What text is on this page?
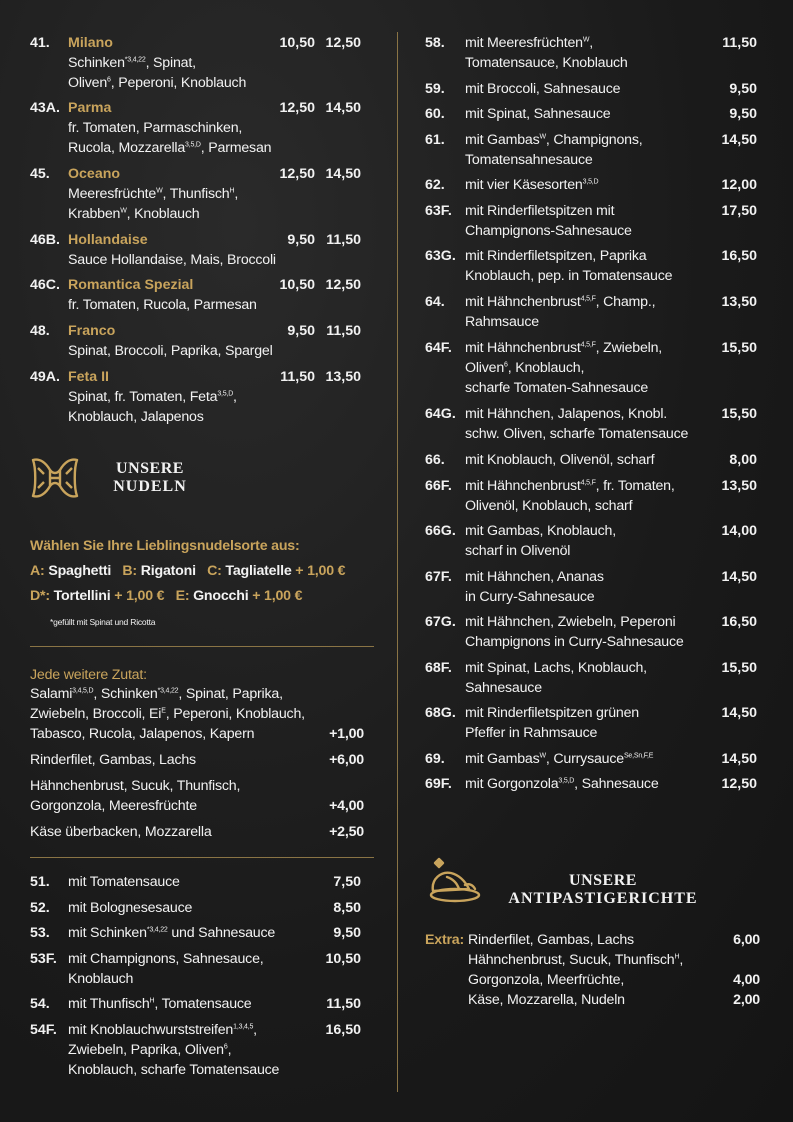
41. Milano
Schinken$^{*3,4,22}$, Spinat,
Oliven$^6$, Peperoni, Knoblauch
10,50 12,50
43A. Parma
fr. Tomaten, Parmaschinken,
Rucola, Mozzarella$^{3,5,D}$, Parmesan
12,50 14,50
45. Oceano
Meeresfrüchte$^W$, Thunfisch$^H$,
Krabben$^W$, Knoblauch
12,50 14,50
46B. Hollandaise
Sauce Hollandaise, Mais, Broccoli
9,50 11,50
46C. Romantica Spezial
fr. Tomaten, Rucola, Parmesan
10,50 12,50
48. Franco
Spinat, Broccoli, Paprika, Spargel
9,50 11,50
49A. Feta II
Spinat, fr. Tomaten, Feta$^{3,5,D}$,
Knoblauch, Jalapenos
11,50 13,50
UNSERE
NUDELN
Wählen Sie Ihre Lieblingsnudelsorte aus:
A: Spaghetti B: Rigatoni C: Tagliatelle + 1,00 €
D*: Tortellini + 1,00 € E: Gnocchi + 1,00 €
*gefüllt mit Spinat und Ricotta
Jede weitere Zutat:
Salami$^{3,4,5,D}$, Schinken$^{*3,4,22}$, Spinat, Paprika,
Zwiebeln, Broccoli, $Ei^E$, Peperoni, Knoblauch,
Tabasco, Rucola, Jalapenos, Kapern	+1,00
Rinderfilet, Gambas, Lachs	+6,00
Hähnchenbrust, Sucuk, Thunfisch,
Gorgonzola, Meeresfrüchte	+4,00
Käse überbacken, Mozzarella	+2,50
51. mit Tomatensauce	7,50
52. mit Bolognesesauce	8,50
53. mit Schinken$^{*3,4,22}$ und Sahnesauce	9,50
53F. mit Champignons, Sahnesauce,
Knoblauch
10,50
54. mit Thunfisch$^H$, Tomatensauce	11,50
54F. mit Knoblauchwurststreifen$^{1,3,4,5}$,
Zwiebeln, Paprika, Oliven$^6$,
Knoblauch, scharfe Tomatensauce
16,50
58. mit Meeresfrüchten$^W$,
Tomatensauce, Knoblauch
11,50
59. mit Broccoli, Sahnesauce	9,50
60. mit Spinat, Sahnesauce	9,50
61. mit Gambas$^W$, Champignons,
Tomatensahnesauce
14,50
62. mit vier Käsesorten$^{3,5,D}$	12,00
63F. mit Rinderfiletspitzen mit
Champignons-Sahnesauce
17,50
63G. mit Rinderfiletspitzen, Paprika
Knoblauch, pep. in Tomatensauce
16,50
64. mit Hähnchenbrust$^{4,5,F}$, Champ.,
Rahmsauce
13,50
64F. mit Hähnchenbrust$^{4,5,F}$, Zwiebeln,
Oliven$^6$, Knoblauch,
scharfe Tomaten-Sahnesauce
15,50
64G. mit Hähnchen, Jalapenos, Knobl.
schw. Oliven, scharfe Tomatensauce
15,50
66. mit Knoblauch, Olivenöl, scharf	8,00
66F. mit Hähnchenbrust$^{4,5,F}$, fr. Tomaten,
Olivenöl, Knoblauch, scharf
13,50
66G. mit Gambas, Knoblauch,
scharf in Olivenöl
14,00
67F. mit Hähnchen, Ananas
in Curry-Sahnesauce
14,50
67G. mit Hähnchen, Zwiebeln, Peperoni
Champignons in Curry-Sahnesauce
16,50
68F. mit Spinat, Lachs, Knoblauch,
Sahnesauce
15,50
68G. mit Rinderfiletspitzen grünen
Pfeffer in Rahmsauce
14,50
69. mit Gambas$^W$, Currysauce$^{Se,Sn,F,E}$	14,50
69F. mit Gorgonzola$^{3,5,D}$, Sahnesauce	12,50
UNSERE
ANTIPASTIGERICHTE
Extra: Rinderfilet, Gambas, Lachs	6,00
Hähnchenbrust, Sucuk, Thunfisch$^H$,
Gorgonzola, Meerfrüchte,	4,00
Käse, Mozzarella, Nudeln	2,00
